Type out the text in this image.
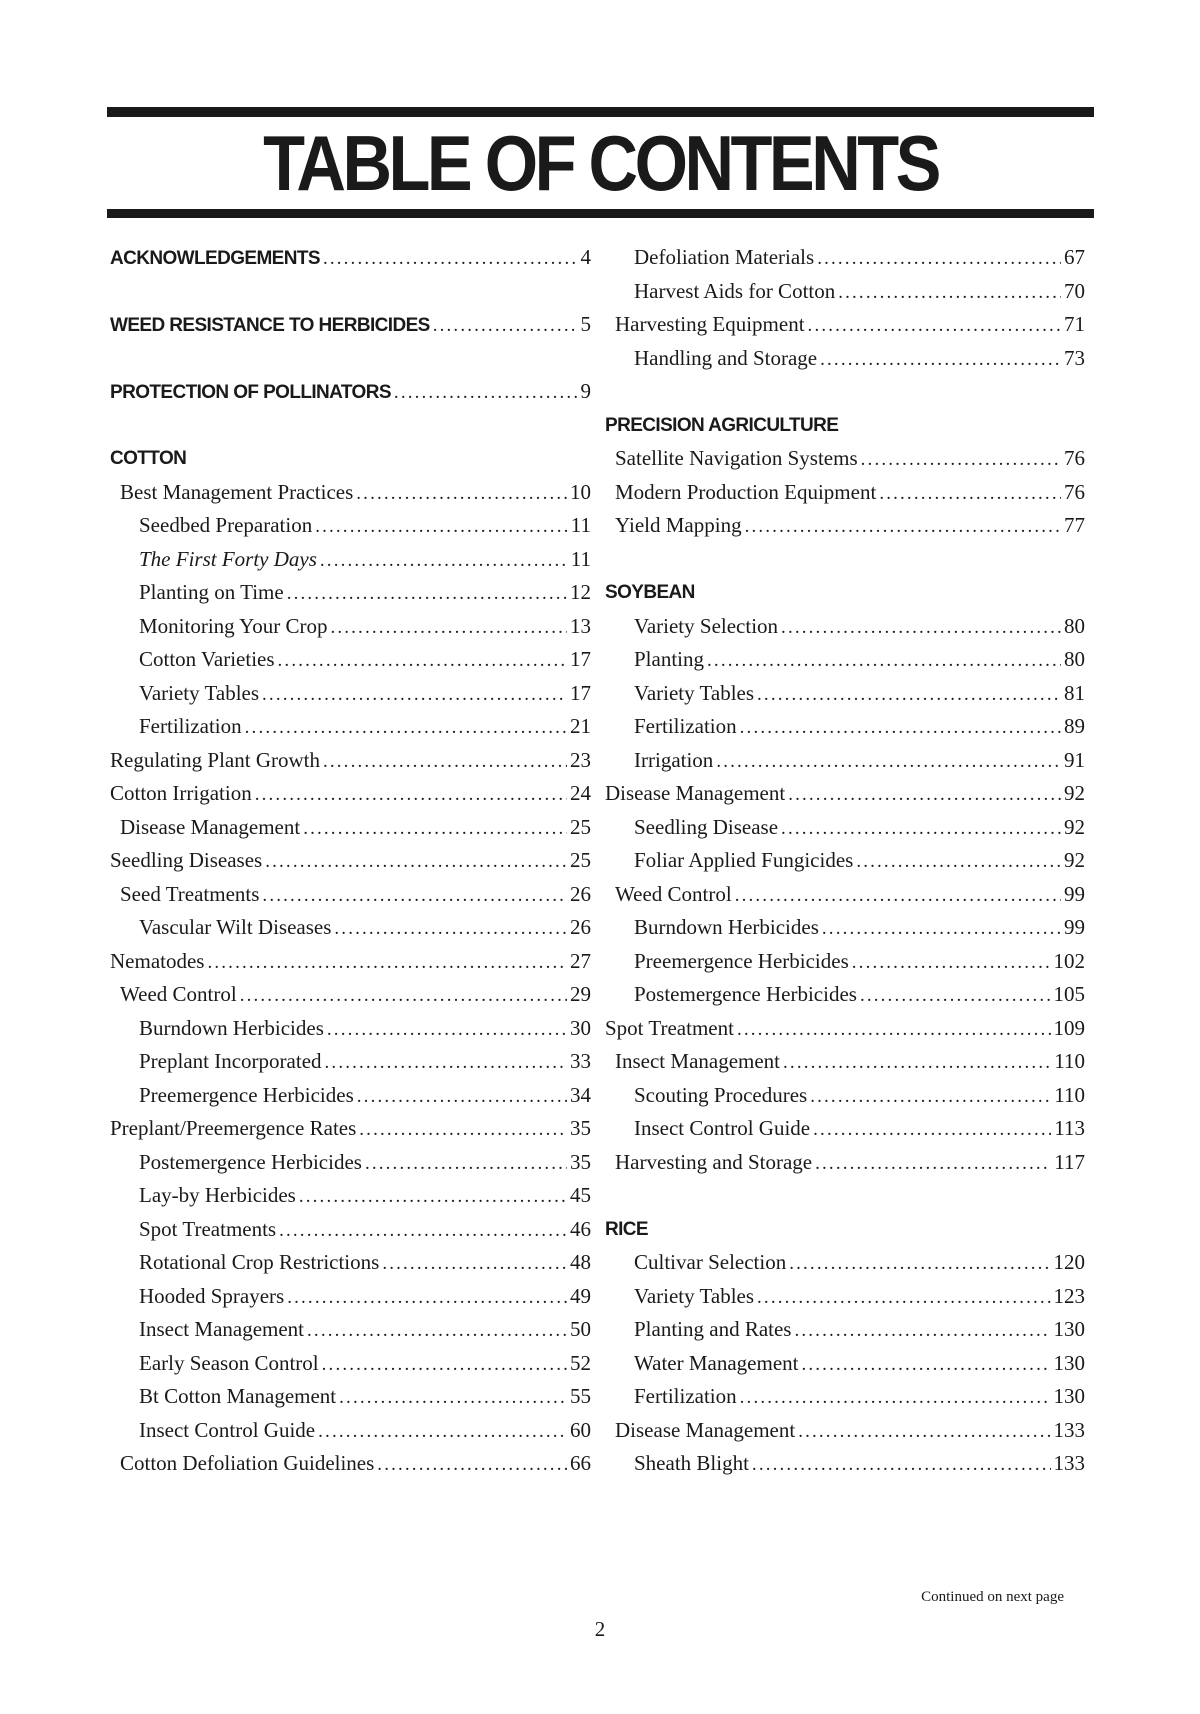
TABLE OF CONTENTS
ACKNOWLEDGEMENTS . . .	4
WEED RESISTANCE TO HERBICIDES . . .	5
PROTECTION OF POLLINATORS . . .	9
COTTON
Best Management Practices . . .	10
Seedbed Preparation . . .	11
The First Forty Days . . .	11
Planting on Time . . .	12
Monitoring Your Crop . . .	13
Cotton Varieties . . .	17
Variety Tables . . .	17
Fertilization . . .	21
Regulating Plant Growth . . .	23
Cotton Irrigation . . .	24
Disease Management . . .	25
Seedling Diseases . . .	25
Seed Treatments . . .	26
Vascular Wilt Diseases . . .	26
Nematodes . . .	27
Weed Control . . .	29
Burndown Herbicides . . .	30
Preplant Incorporated . . .	33
Preemergence Herbicides . . .	34
Preplant/Preemergence Rates . . .	35
Postemergence Herbicides . . .	35
Lay-by Herbicides . . .	45
Spot Treatments . . .	46
Rotational Crop Restrictions . . .	48
Hooded Sprayers . . .	49
Insect Management . . .	50
Early Season Control . . .	52
Bt Cotton Management . . .	55
Insect Control Guide . . .	60
Cotton Defoliation Guidelines . . .	66
Defoliation Materials . . .	67
Harvest Aids for Cotton . . .	70
Harvesting Equipment . . .	71
Handling and Storage . . .	73
PRECISION AGRICULTURE
Satellite Navigation Systems . . .	76
Modern Production Equipment . . .	76
Yield Mapping . . .	77
SOYBEAN
Variety Selection . . .	80
Planting . . .	80
Variety Tables . . .	81
Fertilization . . .	89
Irrigation . . .	91
Disease Management . . .	92
Seedling Disease . . .	92
Foliar Applied Fungicides . . .	92
Weed Control . . .	99
Burndown Herbicides . . .	99
Preemergence Herbicides . . .	102
Postemergence Herbicides . . .	105
Spot Treatment . . .	109
Insect Management . . .	110
Scouting Procedures . . .	110
Insect Control Guide . . .	113
Harvesting and Storage . . .	117
RICE
Cultivar Selection . . .	120
Variety Tables . . .	123
Planting and Rates . . .	130
Water Management . . .	130
Fertilization . . .	130
Disease Management . . .	133
Sheath Blight . . .	133
Continued on next page
2
